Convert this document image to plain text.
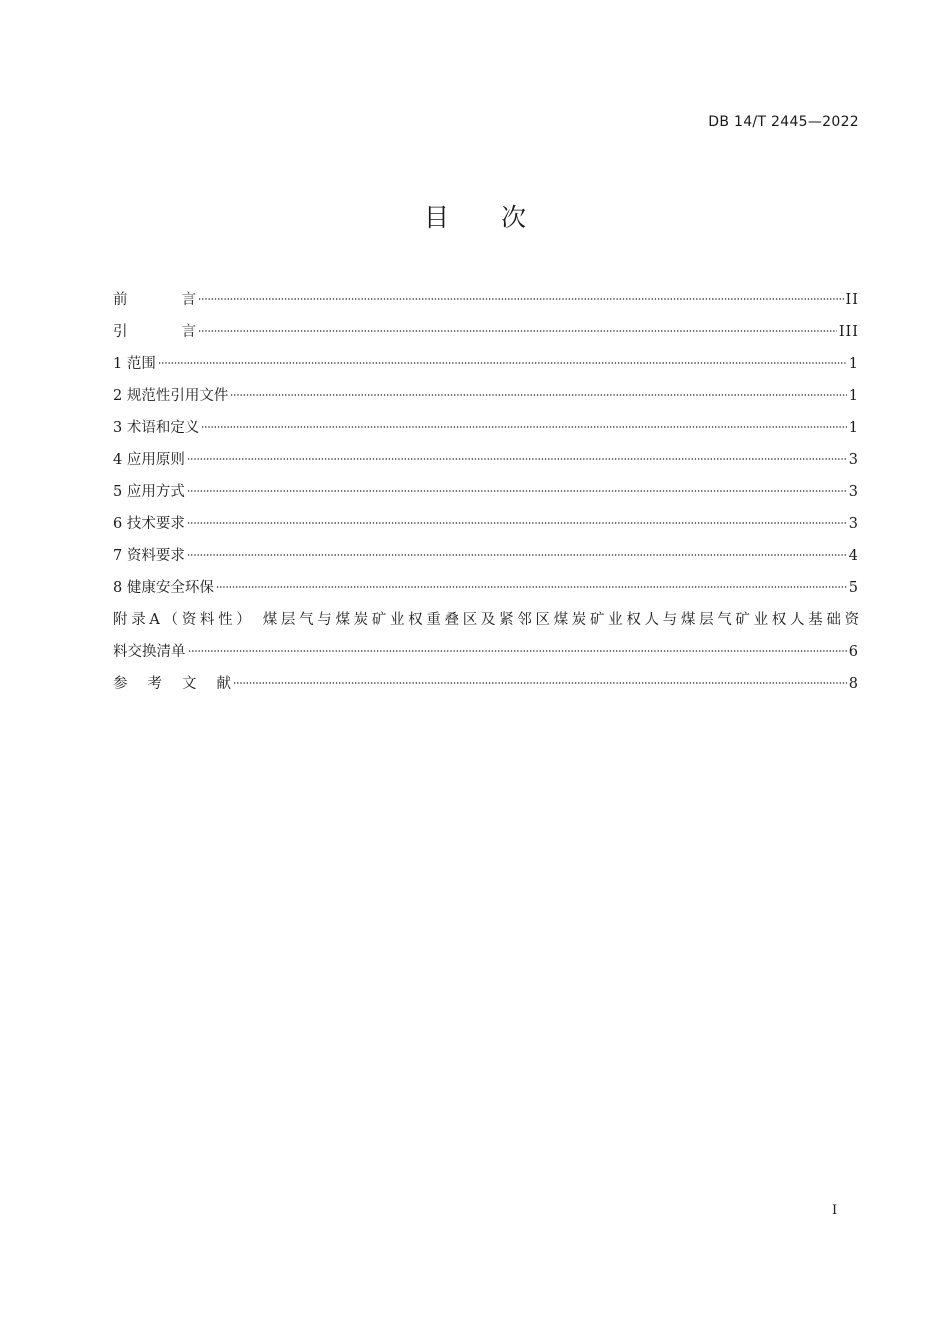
DB 14/T 2445—2022
目 次
前	言	II
引	言	III
1 范围	1
2 规范性引用文件	1
3 术语和定义	1
4 应用原则	3
5 应用方式	3
6 技术要求	3
7 资料要求	4
8 健康安全环保	5
附录A（资料性） 煤层气与煤炭矿业权重叠区及紧邻区煤炭矿业权人与煤层气矿业权人基础资
料交换清单	6
参 考 文 献	8
I
